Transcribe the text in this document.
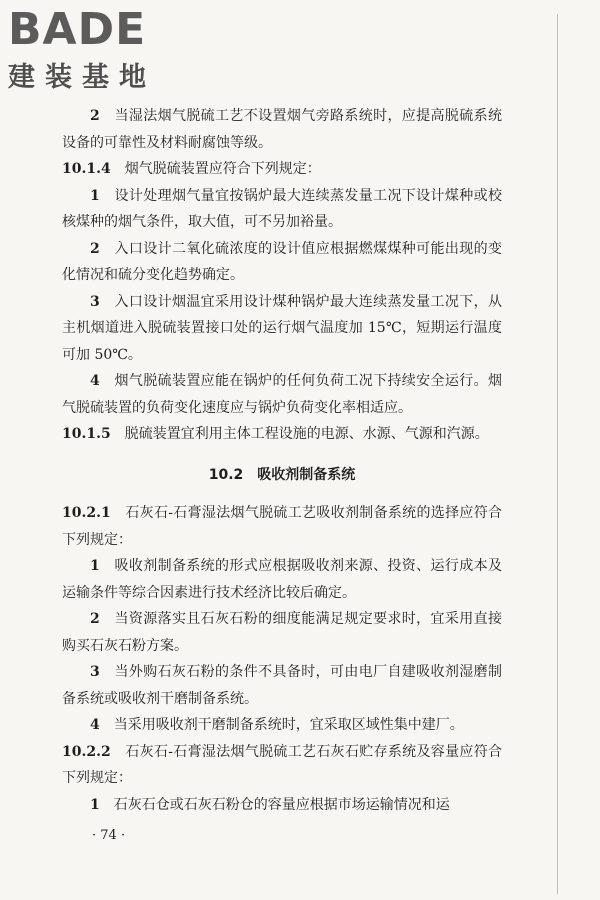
BADE
建装基地

2　 当湿法烟气脱硫工艺不设置烟气旁路系统时，应提高脱硫系统设备的可靠性及材料耐腐蚀等级。

10.1.4　 烟气脱硫装置应符合下列规定：

1　 设计处理烟气量宜按锅炉最大连续蒸发量工况下设计煤种或校核煤种的烟气条件，取大值，可不另加裕量。

2　 入口设计二氧化硫浓度的设计值应根据燃煤煤种可能出现的变化情况和硫分变化趋势确定。

3　 入口设计烟温宜采用设计煤种锅炉最大连续蒸发量工况下，从主机烟道进入脱硫装置接口处的运行烟气温度加 15℃，短期运行温度可加 50℃。

4　 烟气脱硫装置应能在锅炉的任何负荷工况下持续安全运行。烟气脱硫装置的负荷变化速度应与锅炉负荷变化率相适应。

10.1.5　 脱硫装置宜利用主体工程设施的电源、水源、气源和汽源。

10.2　吸收剂制备系统

10.2.1　 石灰石-石膏湿法烟气脱硫工艺吸收剂制备系统的选择应符合下列规定：

1　 吸收剂制备系统的形式应根据吸收剂来源、投资、运行成本及运输条件等综合因素进行技术经济比较后确定。

2　 当资源落实且石灰石粉的细度能满足规定要求时，宜采用直接购买石灰石粉方案。

3　 当外购石灰石粉的条件不具备时，可由电厂自建吸收剂湿磨制备系统或吸收剂干磨制备系统。

4　 当采用吸收剂干磨制备系统时，宜采取区域性集中建厂。

10.2.2　 石灰石-石膏湿法烟气脱硫工艺石灰石贮存系统及容量应符合下列规定：

1　 石灰石仓或石灰石粉仓的容量应根据市场运输情况和运

· 74 ·
